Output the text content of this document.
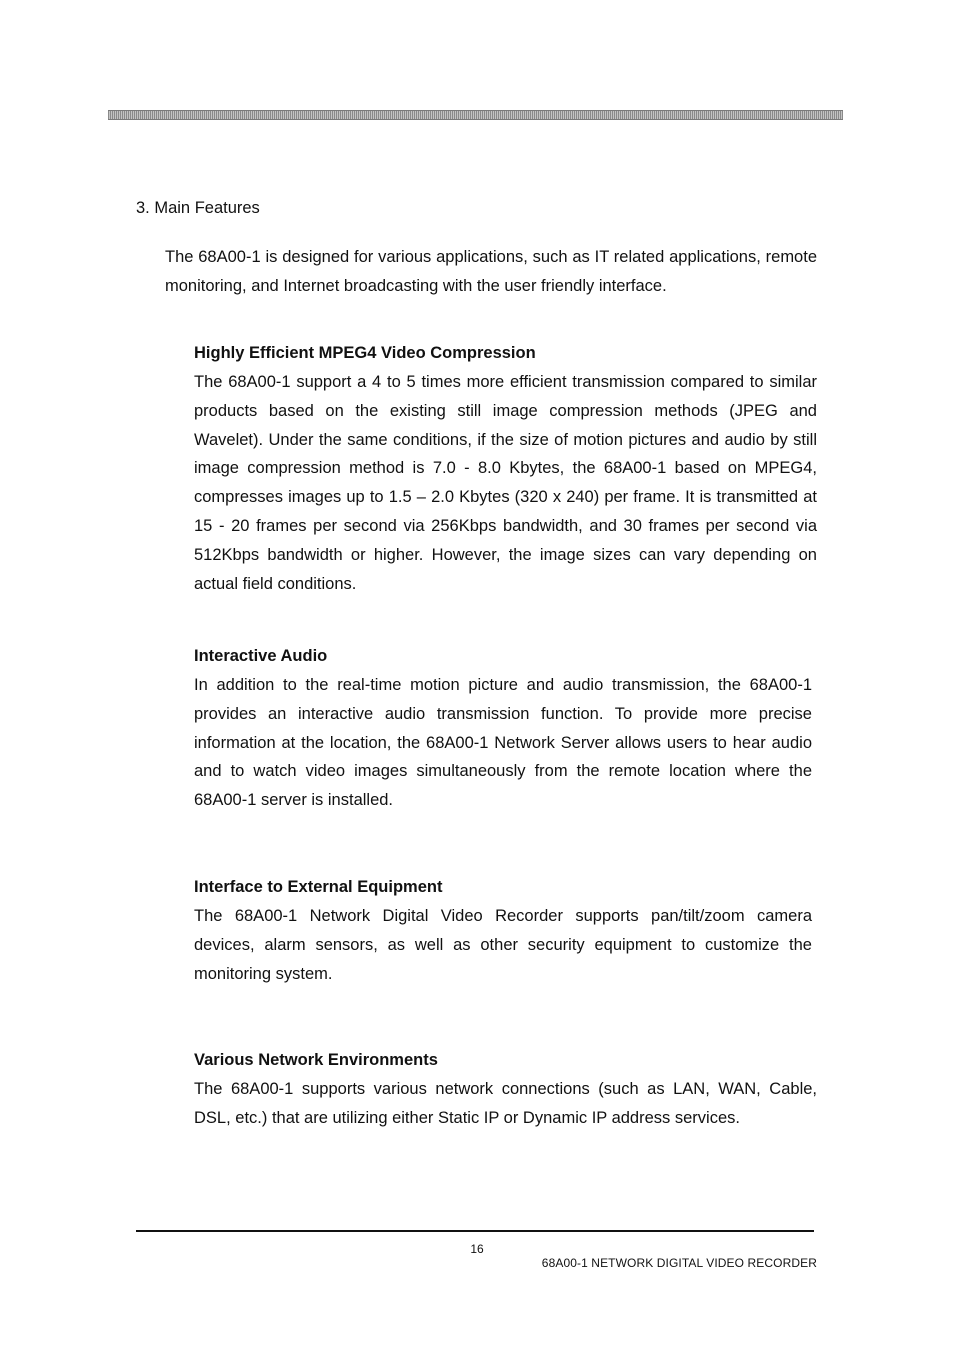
3. Main Features

The 68A00-1 is designed for various applications, such as IT related applications, remote monitoring, and Internet broadcasting with the user friendly interface.

Highly Efficient MPEG4 Video Compression

The 68A00-1 support a 4 to 5 times more efficient transmission compared to similar products based on the existing still image compression methods (JPEG and Wavelet). Under the same conditions, if the size of motion pictures and audio by still image compression method is 7.0 - 8.0 Kbytes, the 68A00-1 based on MPEG4, compresses images up to 1.5 – 2.0 Kbytes (320 x 240) per frame. It is transmitted at 15 - 20 frames per second via 256Kbps bandwidth, and 30 frames per second via 512Kbps bandwidth or higher. However, the image sizes can vary depending on actual field conditions.

Interactive Audio

In addition to the real-time motion picture and audio transmission, the 68A00-1 provides an interactive audio transmission function. To provide more precise information at the location, the 68A00-1 Network Server allows users to hear audio and to watch video images simultaneously from the remote location where the 68A00-1 server is installed.

Interface to External Equipment

The 68A00-1 Network Digital Video Recorder supports pan/tilt/zoom camera devices, alarm sensors, as well as other security equipment to customize the monitoring system.

Various Network Environments

The 68A00-1 supports various network connections (such as LAN, WAN, Cable, DSL, etc.) that are utilizing either Static IP or Dynamic IP address services.

16
68A00-1 NETWORK DIGITAL VIDEO RECORDER
